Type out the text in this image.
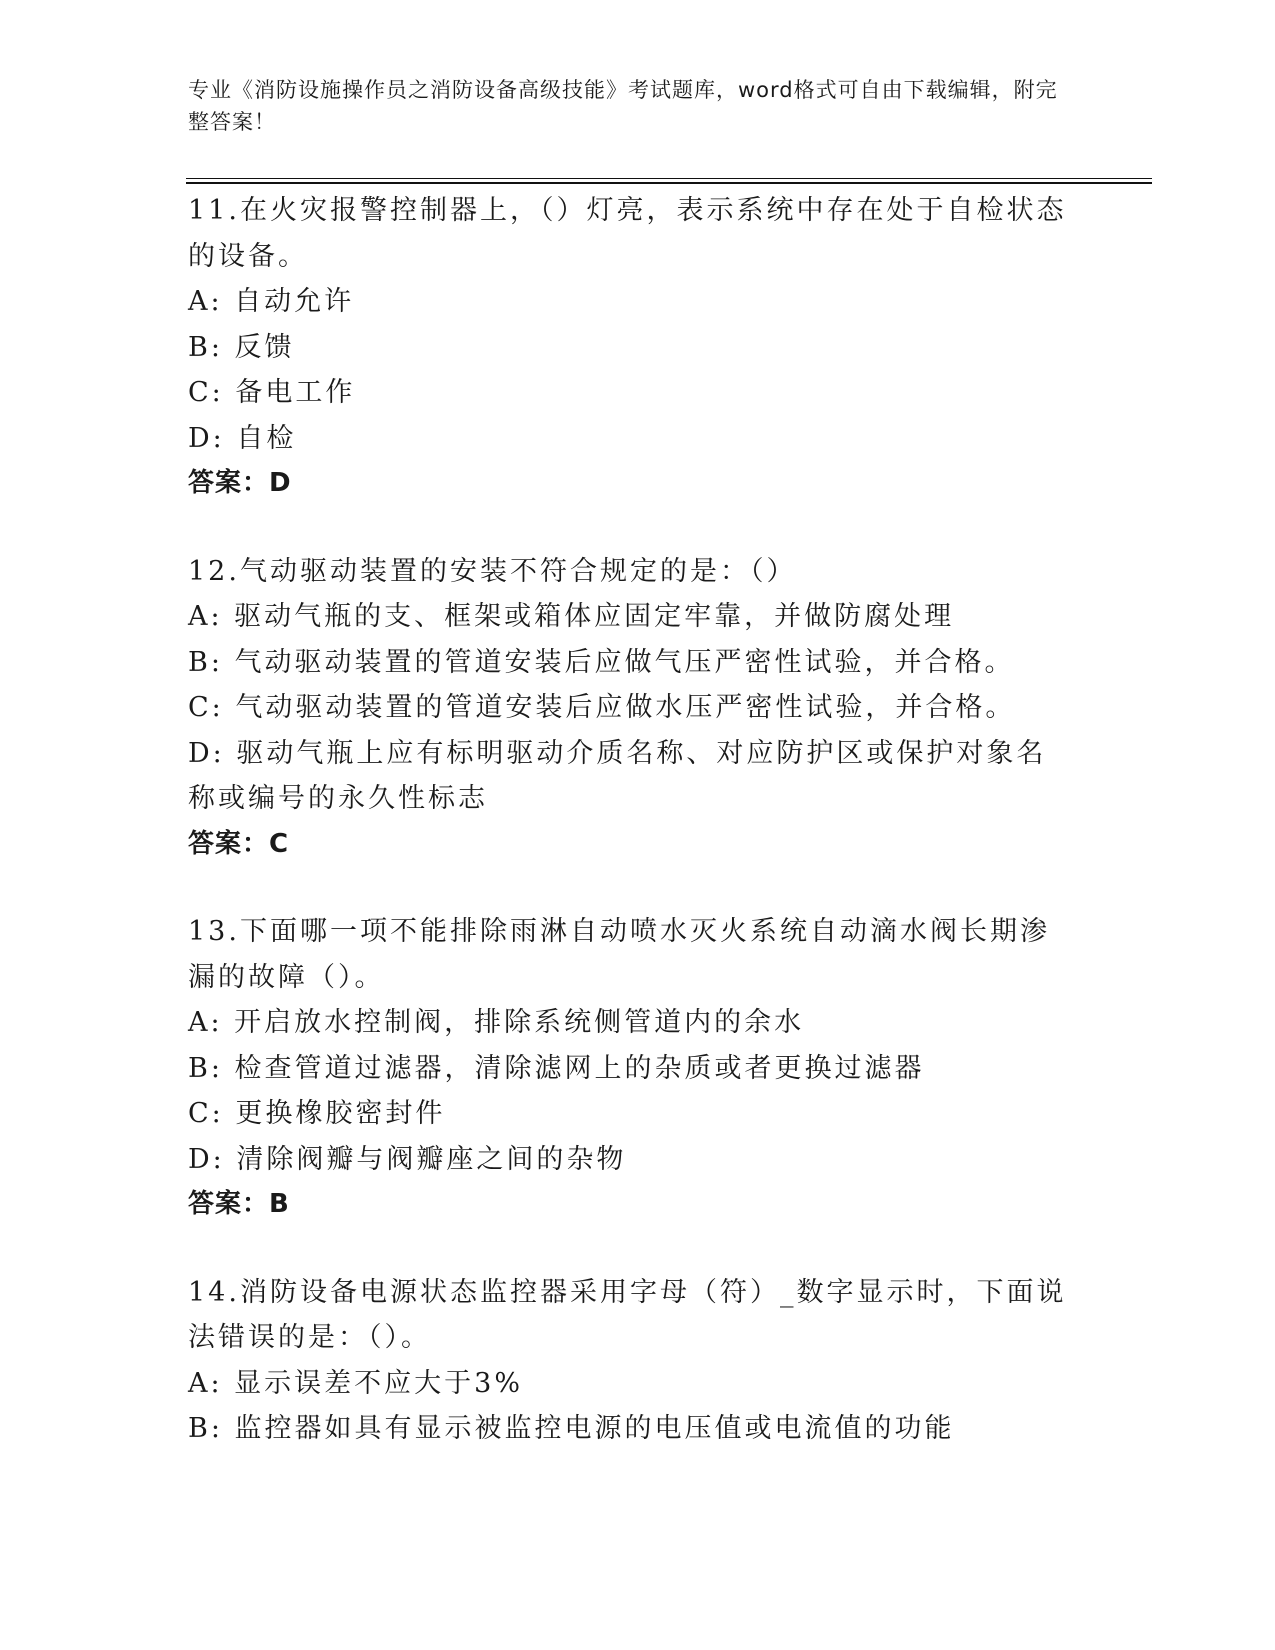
专业《消防设施操作员之消防设备高级技能》考试题库，word格式可自由下载编辑，附完整答案！
11.在火灾报警控制器上，（）灯亮，表示系统中存在处于自检状态的设备。
A: 自动允许
B: 反馈
C: 备电工作
D: 自检
答案：D
12.气动驱动装置的安装不符合规定的是：（）
A: 驱动气瓶的支、框架或箱体应固定牢靠，并做防腐处理
B: 气动驱动装置的管道安装后应做气压严密性试验，并合格。
C: 气动驱动装置的管道安装后应做水压严密性试验，并合格。
D: 驱动气瓶上应有标明驱动介质名称、对应防护区或保护对象名称或编号的永久性标志
答案：C
13.下面哪一项不能排除雨淋自动喷水灭火系统自动滴水阀长期渗漏的故障（）。
A: 开启放水控制阀，排除系统侧管道内的余水
B: 检查管道过滤器，清除滤网上的杂质或者更换过滤器
C: 更换橡胶密封件
D: 清除阀瓣与阀瓣座之间的杂物
答案：B
14.消防设备电源状态监控器采用字母（符）_数字显示时，下面说法错误的是：（）。
A: 显示误差不应大于3%
B: 监控器如具有显示被监控电源的电压值或电流值的功能
